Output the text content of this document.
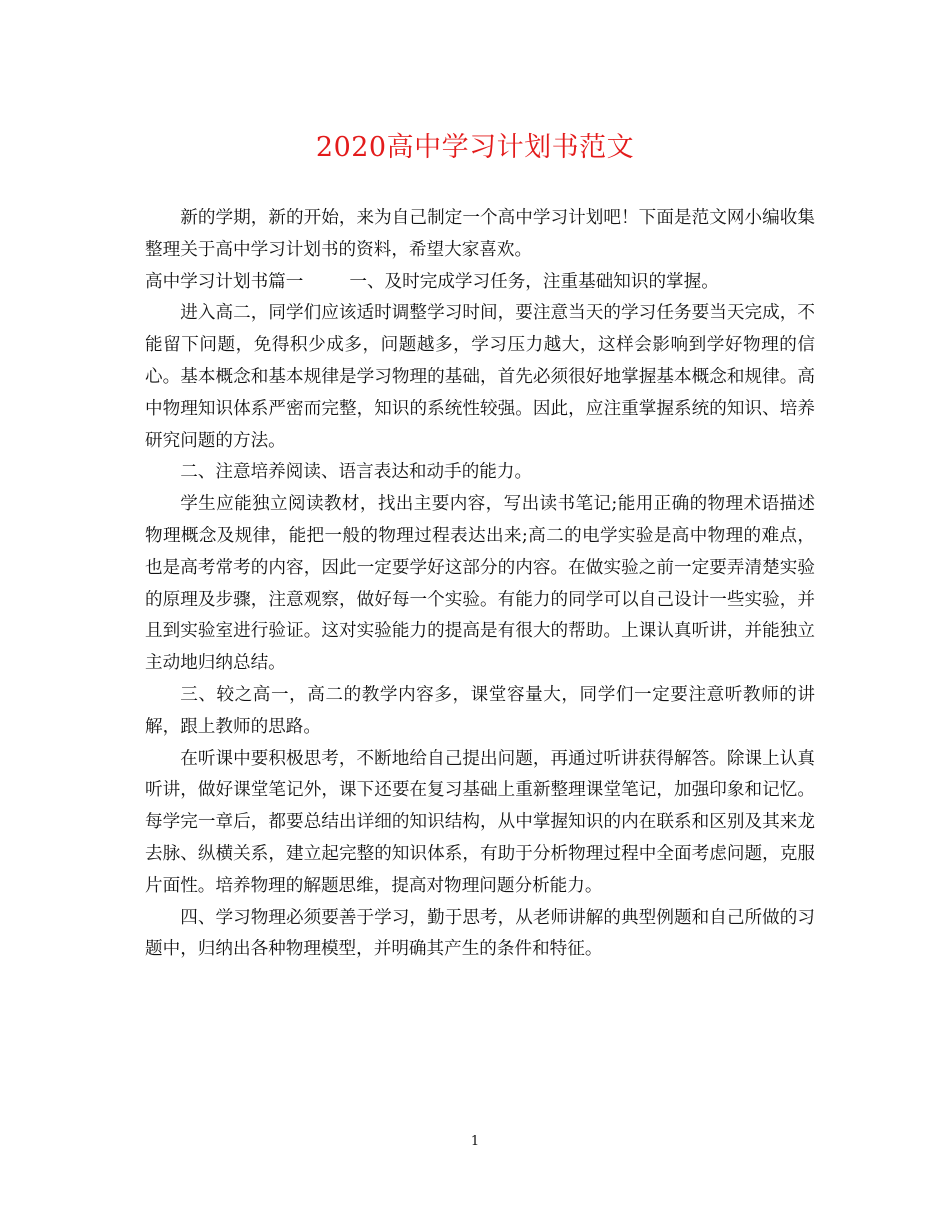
2020高中学习计划书范文

新的学期，新的开始，来为自己制定一个高中学习计划吧！下面是范文网小编收集整理关于高中学习计划书的资料，希望大家喜欢。

高中学习计划书篇一	一、及时完成学习任务，注重基础知识的掌握。

进入高二，同学们应该适时调整学习时间，要注意当天的学习任务要当天完成，不能留下问题，免得积少成多，问题越多，学习压力越大，这样会影响到学好物理的信心。基本概念和基本规律是学习物理的基础，首先必须很好地掌握基本概念和规律。高中物理知识体系严密而完整，知识的系统性较强。因此，应注重掌握系统的知识、培养研究问题的方法。

二、注意培养阅读、语言表达和动手的能力。

学生应能独立阅读教材，找出主要内容，写出读书笔记;能用正确的物理术语描述物理概念及规律，能把一般的物理过程表达出来;高二的电学实验是高中物理的难点，也是高考常考的内容，因此一定要学好这部分的内容。在做实验之前一定要弄清楚实验的原理及步骤，注意观察，做好每一个实验。有能力的同学可以自己设计一些实验，并且到实验室进行验证。这对实验能力的提高是有很大的帮助。上课认真听讲，并能独立主动地归纳总结。

三、较之高一，高二的教学内容多，课堂容量大，同学们一定要注意听教师的讲解，跟上教师的思路。

在听课中要积极思考，不断地给自己提出问题，再通过听讲获得解答。除课上认真听讲，做好课堂笔记外，课下还要在复习基础上重新整理课堂笔记，加强印象和记忆。每学完一章后，都要总结出详细的知识结构，从中掌握知识的内在联系和区别及其来龙去脉、纵横关系，建立起完整的知识体系，有助于分析物理过程中全面考虑问题，克服片面性。培养物理的解题思维，提高对物理问题分析能力。

四、学习物理必须要善于学习，勤于思考，从老师讲解的典型例题和自己所做的习题中，归纳出各种物理模型，并明确其产生的条件和特征。

1
